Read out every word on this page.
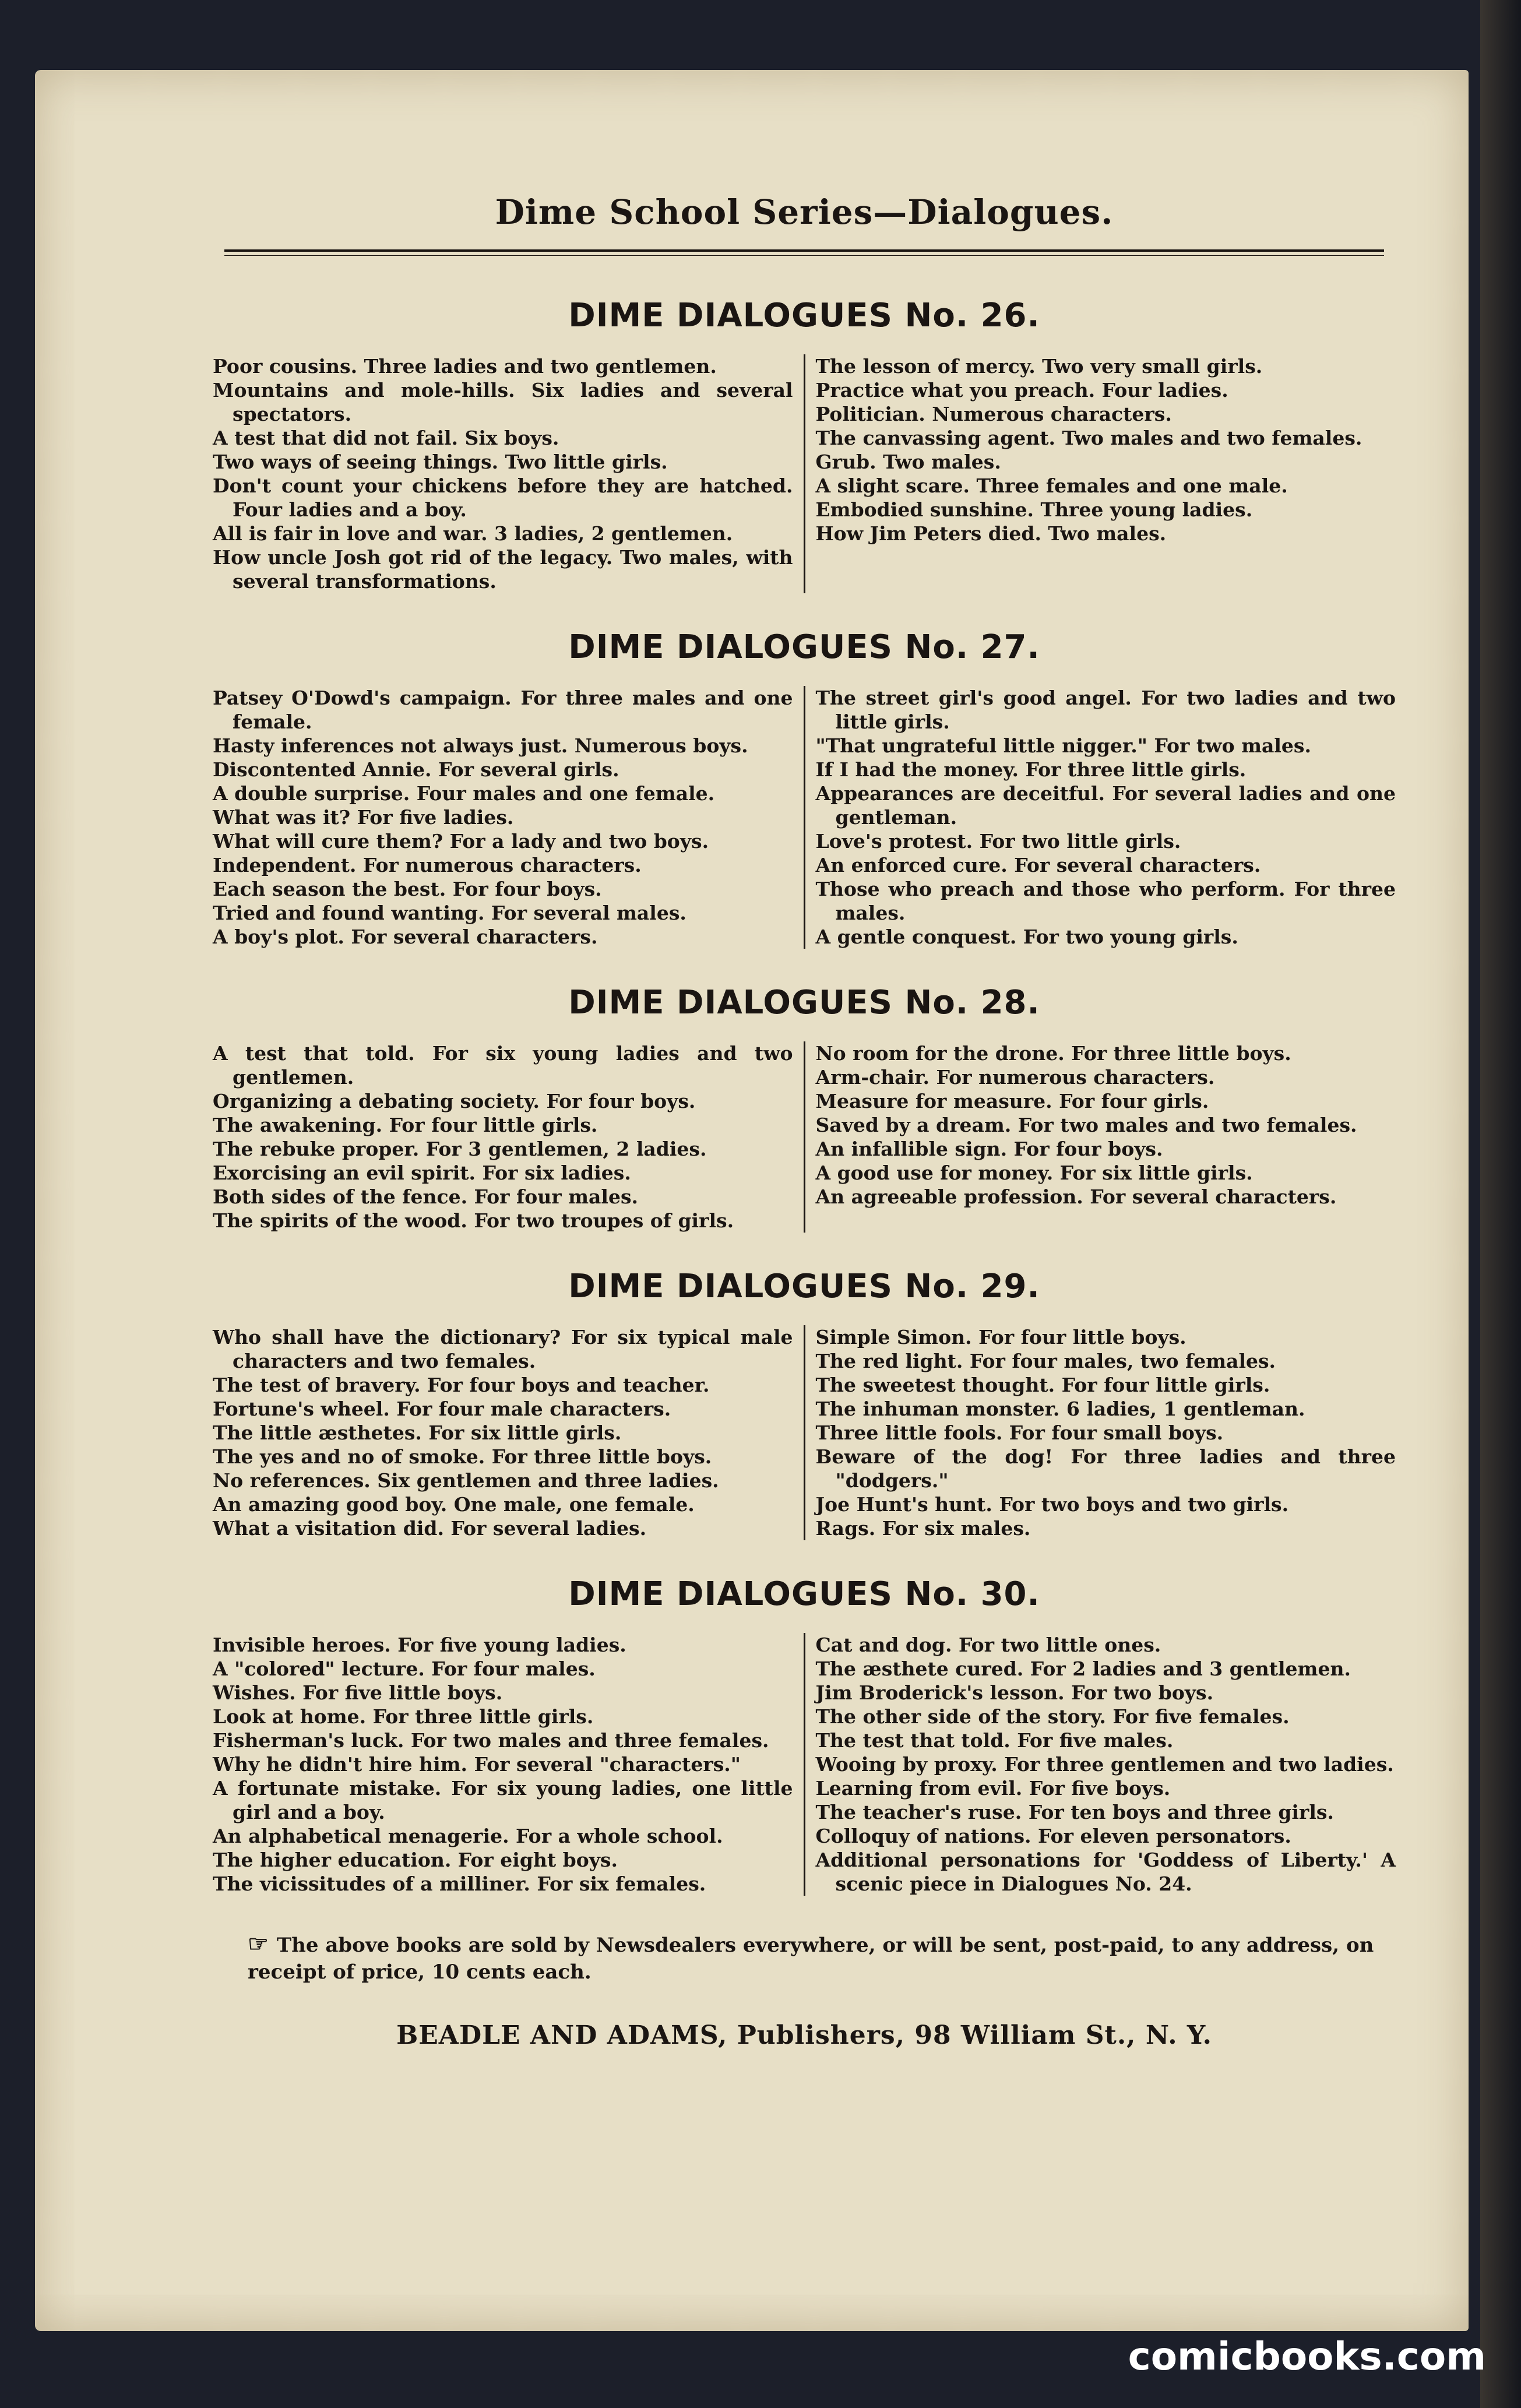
Dime School Series—Dialogues.
DIME DIALOGUES No. 26.
Poor cousins. Three ladies and two gentlemen.
Mountains and mole-hills. Six ladies and several spectators.
A test that did not fail. Six boys.
Two ways of seeing things. Two little girls.
Don't count your chickens before they are hatched. Four ladies and a boy.
All is fair in love and war. 3 ladies, 2 gentlemen.
How uncle Josh got rid of the legacy. Two males, with several transformations.
The lesson of mercy. Two very small girls.
Practice what you preach. Four ladies.
Politician. Numerous characters.
The canvassing agent. Two males and two females.
Grub. Two males.
A slight scare. Three females and one male.
Embodied sunshine. Three young ladies.
How Jim Peters died. Two males.
DIME DIALOGUES No. 27.
Patsey O'Dowd's campaign. For three males and one female.
Hasty inferences not always just. Numerous boys.
Discontented Annie. For several girls.
A double surprise. Four males and one female.
What was it? For five ladies.
What will cure them? For a lady and two boys.
Independent. For numerous characters.
Each season the best. For four boys.
Tried and found wanting. For several males.
A boy's plot. For several characters.
The street girl's good angel. For two ladies and two little girls.
"That ungrateful little nigger." For two males.
If I had the money. For three little girls.
Appearances are deceitful. For several ladies and one gentleman.
Love's protest. For two little girls.
An enforced cure. For several characters.
Those who preach and those who perform. For three males.
A gentle conquest. For two young girls.
DIME DIALOGUES No. 28.
A test that told. For six young ladies and two gentlemen.
Organizing a debating society. For four boys.
The awakening. For four little girls.
The rebuke proper. For 3 gentlemen, 2 ladies.
Exorcising an evil spirit. For six ladies.
Both sides of the fence. For four males.
The spirits of the wood. For two troupes of girls.
No room for the drone. For three little boys.
Arm-chair. For numerous characters.
Measure for measure. For four girls.
Saved by a dream. For two males and two females.
An infallible sign. For four boys.
A good use for money. For six little girls.
An agreeable profession. For several characters.
DIME DIALOGUES No. 29.
Who shall have the dictionary? For six typical male characters and two females.
The test of bravery. For four boys and teacher.
Fortune's wheel. For four male characters.
The little æsthetes. For six little girls.
The yes and no of smoke. For three little boys.
No references. Six gentlemen and three ladies.
An amazing good boy. One male, one female.
What a visitation did. For several ladies.
Simple Simon. For four little boys.
The red light. For four males, two females.
The sweetest thought. For four little girls.
The inhuman monster. 6 ladies, 1 gentleman.
Three little fools. For four small boys.
Beware of the dog! For three ladies and three "dodgers."
Joe Hunt's hunt. For two boys and two girls.
Rags. For six males.
DIME DIALOGUES No. 30.
Invisible heroes. For five young ladies.
A "colored" lecture. For four males.
Wishes. For five little boys.
Look at home. For three little girls.
Fisherman's luck. For two males and three females.
Why he didn't hire him. For several "characters."
A fortunate mistake. For six young ladies, one little girl and a boy.
An alphabetical menagerie. For a whole school.
The higher education. For eight boys.
The vicissitudes of a milliner. For six females.
Cat and dog. For two little ones.
The æsthete cured. For 2 ladies and 3 gentlemen.
Jim Broderick's lesson. For two boys.
The other side of the story. For five females.
The test that told. For five males.
Wooing by proxy. For three gentlemen and two ladies.
Learning from evil. For five boys.
The teacher's ruse. For ten boys and three girls.
Colloquy of nations. For eleven personators.
Additional personations for 'Goddess of Liberty.' A scenic piece in Dialogues No. 24.
☞ The above books are sold by Newsdealers everywhere, or will be sent, post-paid, to any address, on receipt of price, 10 cents each.
BEADLE AND ADAMS, Publishers, 98 William St., N. Y.
comicbooks.com
